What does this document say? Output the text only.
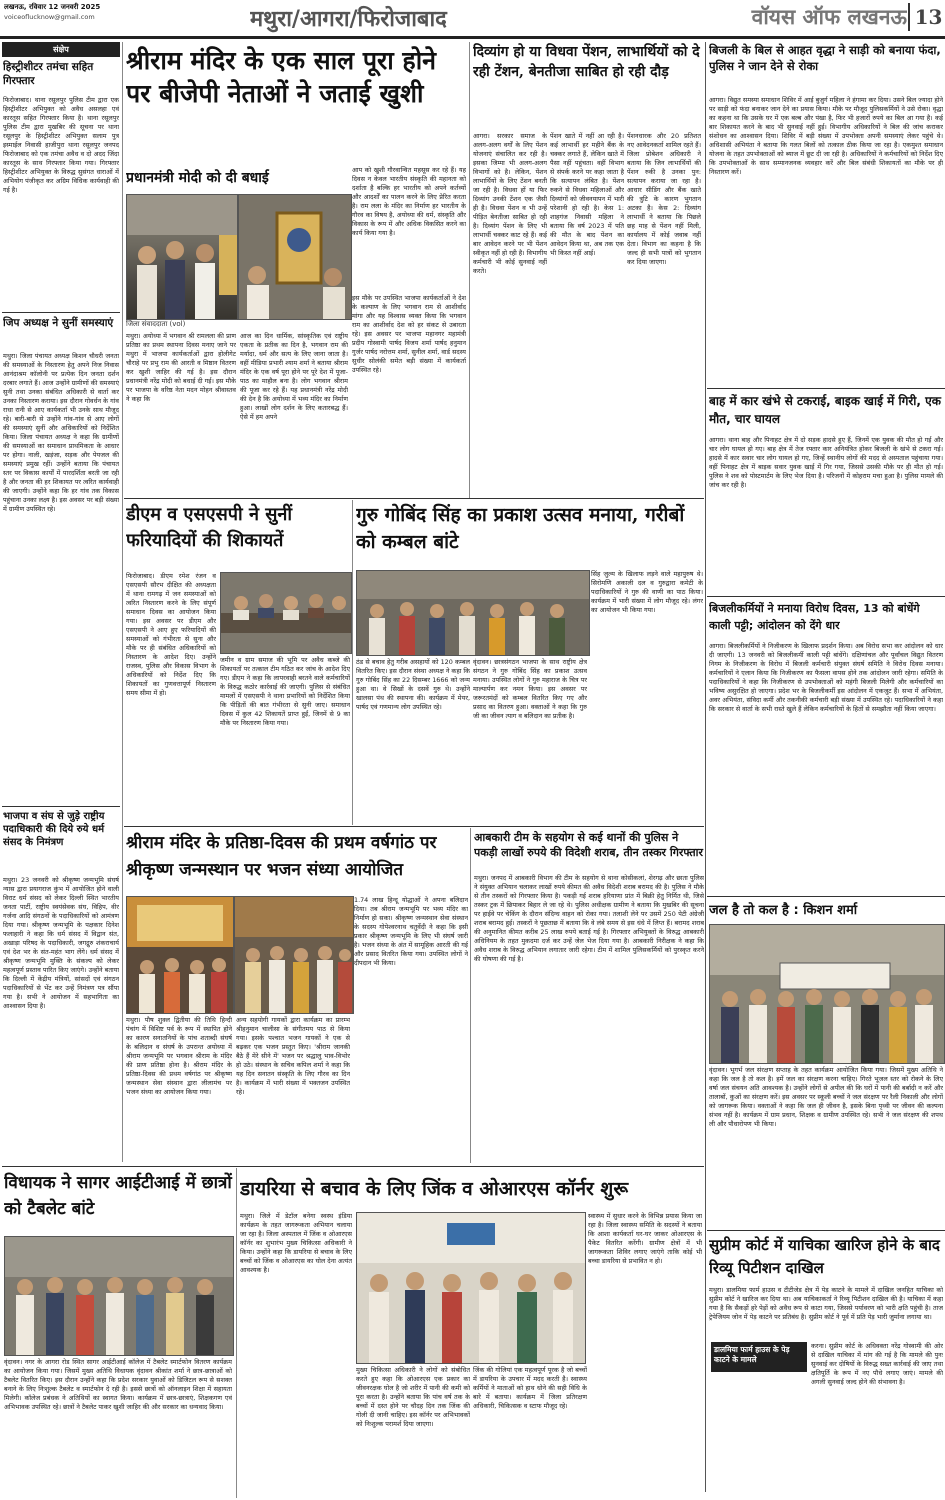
लखनऊ, रविवार 12 जनवरी 2025
voiceoflucknow@gmail.com	मथुरा/आगरा/फिरोजाबाद	वॉयस ऑफ लखनऊ 13
संक्षेप
हिस्ट्रीशीटर तमंचा सहित गिरफ्तार
फिरोजाबाद। थाना रसूलपुर पुलिस टीम द्वारा एक हिस्ट्रीशीटर अभियुक्त को अवैध असलहा एवं कारतूस सहित गिरफ्तार किया है। थाना रसूलपुर पुलिस टीम द्वारा मुखबिर की सूचना पर थाना रसूलपुर के हिस्ट्रीशीटर अभियुक्त सलाम पुत्र इस्माईल निवासी हाजीपुरा थाना रसूलपुर जनपद फिरोजाबाद को एक तमंचा अवैध व दो अदद जिंदा कारतूस के साथ गिरफ्तार किया गया। गिरफ्तार हिस्ट्रीशीटर अभियुक्त के विरुद्ध सुसंगत धाराओं में अभियोग पंजीकृत कर अग्रिम विधिक कार्यवाही की गई है।
जिप अध्यक्ष ने सुनीं समस्याएं
मथुरा। जिला पंचायत अध्यक्ष किशन चौधरी जनता की समस्याओं के निस्तारण हेतु अपने निज निवास आनंदाश्रम कॉलोनी पर प्रत्येक दिन जनता दर्शन दरबार लगाते हैं। आज उन्होंने ग्रामीणों की समस्याएं सुनी तथा उनका संबंधित अधिकारी से वार्ता कर उनका निस्तारण कराया। इस दौरान गोवर्धन के गांव राधा रानी से आए कार्यकर्ता भी उनके साथ मौजूद रहे। बारी-बारी से उन्होंने गांव-गांव से आए लोगों की समस्याएं सुनीं और अधिकारियों को निर्देशित किया। जिला पंचायत अध्यक्ष ने कहा कि ग्रामीणों की समस्याओं का समाधान प्राथमिकता के आधार पर होगा। नाली, खड़ंजा, सड़क और पेयजल की समस्याएं प्रमुख रहीं। उन्होंने बताया कि पंचायत स्तर पर विकास कार्यों में पारदर्शिता बरती जा रही है और जनता की हर शिकायत पर त्वरित कार्यवाही की जाएगी। उन्होंने कहा कि हर गांव तक विकास पहुंचाना उनका लक्ष्य है। इस अवसर पर बड़ी संख्या में ग्रामीण उपस्थित रहे।
भाजपा व संघ से जुड़े राष्ट्रीय पदाधिकारी की दिये रुये धर्म संसद के निमंत्रण
मथुरा। 23 जनवरी को श्रीकृष्ण जन्मभूमि संघर्ष न्यास द्वारा प्रयागराज कुंभ में आयोजित होने वाली विराट धर्म संसद को लेकर दिल्ली स्थित भारतीय जनता पार्टी, राष्ट्रीय स्वयंसेवक संघ, विहिप, वीर गर्जना आदि संगठनों के पदाधिकारियों को आमंत्रण दिया गया। श्रीकृष्ण जन्मभूमि के पक्षकार दिनेश फलाहारी ने कहा कि धर्म संसद में विद्वान संत, अखाड़ा परिषद के पदाधिकारी, जगद्गुरु शंकराचार्य एवं देश भर के संत-महंत भाग लेंगे। धर्म संसद में श्रीकृष्ण जन्मभूमि मुक्ति के संकल्प को लेकर महत्वपूर्ण प्रस्ताव पारित किए जाएंगे। उन्होंने बताया कि दिल्ली में केंद्रीय मंत्रियों, सांसदों एवं संगठन पदाधिकारियों से भेंट कर उन्हें निमंत्रण पत्र सौंपा गया है। सभी ने आयोजन में सहभागिता का आश्वासन दिया है।
श्रीराम मंदिर के एक साल पूरा होने पर बीजेपी नेताओं ने जताई खुशी
प्रधानमंत्री मोदी को दी बधाई
जिला संवाददाता (vol)
मथुरा। अयोध्या में भगवान श्री रामलला की प्राण प्रतिष्ठा का प्रथम स्थापना दिवस मनाए जाने पर मथुरा में भाजपा कार्यकर्ताओं द्वारा होलीगेट चौराहे पर प्रभु राम की आरती व मिष्ठान वितरण कर खुशी जाहिर की गई है। इस दौरान प्रधानमंत्री नरेंद्र मोदी को बधाई दी गई। इस मौके पर भाजपा के वरिष्ठ नेता मदन मोहन श्रीवास्तव ने कहा कि
आज का दिन धार्मिक, सांस्कृतिक एवं राष्ट्रीय एकता के प्रतीक का दिन है, भगवान राम की मर्यादा, धर्म और सत्य के लिए जाना जाता है। वहीं मीडिया प्रभारी श्याम शर्मा ने बताया श्रीराम मंदिर के एक वर्ष पूरा होने पर पूरे देश में पूजा-पाठ का माहौल बना है। लोग भगवान श्रीराम की पूजा कर रहे हैं। यह प्रधानमंत्री नरेंद्र मोदी की देन है कि अयोध्या में भव्य मंदिर का निर्माण हुआ। लाखों लोग दर्शन के लिए कतारबद्ध हैं। ऐसे में हम अपने
आप को खुशी गौरवान्वित महसूस कर रहे हैं। यह दिवस न केवल भारतीय संस्कृति की महानता को दर्शाता है बल्कि हर भारतीय को अपने कर्तव्यों और आदर्शों का पालन करने के लिए प्रेरित करता है। राम लला के मंदिर का निर्माण हर भारतीय के गौरव का विषय है, अयोध्या की धर्म, संस्कृति और विकास के रूप में और अधिक विकसित करने का कार्य किया गया है।
इस मौके पर उपस्थित भाजपा कार्यकर्ताओं ने देश के कल्याण के लिए भगवान राम से आशीर्वाद मांगा और यह विश्वास व्यक्त किया कि भगवान राम का आशीर्वाद देश को हर संकट से उबारता रहे। इस अवसर पर भाजपा महानगर महामंत्री प्रदीप गोस्वामी पार्षद विजय शर्मा पार्षद हनुमान गुर्जर पार्षद नरोत्तम शर्मा, सुनील शर्मा, वार्ड सदस्य सुधीर सोलंकी समेत बड़ी संख्या में कार्यकर्ता उपस्थित रहे।
दिव्यांग हो या विधवा पेंशन, लाभार्थियों को दे रही टेंशन, बेनतीजा साबित हो रही दौड़
आगरा। सरकार समाज के अलग-अलग वर्गों के लिए पेंशन योजनाएं संचालित कर रही है। इसका जिम्मा भी अलग-अलग विभागों को है। लेकिन, पेंशन लाभार्थियों के लिए टेंशन बनती जा रही है। विधवा हों या फिर दिव्यांग उनकी टेंशन एक जैसी ही है। विधवा पेंशन व भी उन्हें पीड़ित बेनतीजा साबित हो रही है। दिव्यांग पेंशन के लिए भी लाभार्थी चक्कर काट रहे हैं। कई बार आवेदन करने पर भी पेंशन स्वीकृत नहीं हो रही है। विभागीय कर्मचारी भी कोई सुनवाई नहीं करते।
पेंशन खाते में नहीं आ रही है। कई लाभार्थी हर महीने बैंक के चक्कर लगाते हैं, लेकिन खाते में पैसा नहीं पहुंचता। वहीं विभाग से संपर्क करने पर कहा जाता है कि सत्यापन लंबित है। पेंशन रुकने से विधवा महिलाओं और दिव्यांगों को जीवनयापन में भारी परेशानी हो रही है। केस 1: शाहगंज निवासी महिला ने बताया कि वर्ष 2023 में पति की मौत के बाद पेंशन का आवेदन किया था, अब तक एक भी किस्त नहीं आई।
पेंशनधारक और 20 प्रतिशत नए आवेदनकर्ता शामिल रहते हैं। जिला प्रोबेशन अधिकारी ने बताया कि जिन लाभार्थियों की पेंशन रुकी है उनका पुन: सत्यापन कराया जा रहा है। आधार सीडिंग और बैंक खाते की त्रुटि के कारण भुगतान अटका है। केस 2: दिव्यांग लाभार्थी ने बताया कि पिछले छह माह से पेंशन नहीं मिली, कार्यालय में कोई जवाब नहीं देता। विभाग का कहना है कि जल्द ही सभी पात्रों को भुगतान कर दिया जाएगा।
डीएम व एसएसपी ने सुनीं फरियादियों की शिकायतें
फिरोजाबाद। डीएम रमेश रंजन व एसएसपी सौरभ दीक्षित की अध्यक्षता में थाना रामगढ़ में जन समस्याओं को त्वरित निस्तारण करने के लिए संपूर्ण समाधान दिवस का आयोजन किया गया। इस अवसर पर डीएम और एसएसपी ने आए हुए फरियादियों की समस्याओं को गंभीरता से सुना और मौके पर ही संबंधित अधिकारियों को निस्तारण के आदेश दिए। उन्होंने राजस्व, पुलिस और विकास विभाग के अधिकारियों को निर्देश दिए कि शिकायतों का गुणवत्तापूर्ण निस्तारण समय सीमा में हो।
जमीन व ग्राम समाज की भूमि पर अवैध कब्जे की शिकायतों पर तत्काल टीम गठित कर जांच के आदेश दिए गए। डीएम ने कहा कि लापरवाही बरतने वाले कर्मचारियों के विरुद्ध कठोर कार्रवाई की जाएगी। पुलिस से संबंधित मामलों में एसएसपी ने थाना प्रभारियों को निर्देशित किया कि पीड़ितों की बात गंभीरता से सुनी जाए। समाधान दिवस में कुल 42 शिकायतें प्राप्त हुईं, जिनमें से 9 का मौके पर निस्तारण किया गया।
गुरु गोबिंद सिंह का प्रकाश उत्सव मनाया, गरीबों को कम्बल बांटे
सिंह जुल्म के खिलाफ लड़ने वाले महापुरुष थे। सिरोमणि अकाली दल व गुरुद्वारा कमेटी के पदाधिकारियों ने गुरु की वाणी का पाठ किया। कार्यक्रम में भारी संख्या में लोग मौजूद रहे। लंगर का आयोजन भी किया गया।
ठंड से बचाव हेतु गरीब असहायों को 120 कम्बल वितरित किए। इस दौरान संस्था अध्यक्ष ने कहा कि गुरु गोबिंद सिंह का 22 दिसम्बर 1666 को जन्म हुआ था। वे सिखों के दसवें गुरु थे। उन्होंने खालसा पंथ की स्थापना की। कार्यक्रम में मेयर, पार्षद एवं गणमान्य लोग उपस्थित रहे।
वृंदावन। छात्रसंगठन भाजपा के साथ राष्ट्रीय क्षेत्र संगठन ने गुरु गोबिंद सिंह का प्रकाश उत्सव मनाया। उपस्थित लोगों ने गुरु महाराज के चित्र पर माल्यार्पण कर नमन किया। इस अवसर पर जरूरतमंदों को कम्बल वितरित किए गए और प्रसाद का वितरण हुआ। वक्ताओं ने कहा कि गुरु जी का जीवन त्याग व बलिदान का प्रतीक है।
आबकारी टीम के सहयोग से कई थानों की पुलिस ने पकड़ी लाखों रुपये की विदेशी शराब, तीन तस्कर गिरफ्तार
मथुरा। जनपद में आबकारी विभाग की टीम के सहयोग से थाना कोसीकलां, शेरगढ़ और छाता पुलिस ने संयुक्त अभियान चलाकर लाखों रुपये कीमत की अवैध विदेशी शराब बरामद की है। पुलिस ने मौके से तीन तस्करों को गिरफ्तार किया है। पकड़ी गई शराब हरियाणा प्रांत में बिक्री हेतु निर्मित थी, जिसे तस्कर ट्रक में छिपाकर बिहार ले जा रहे थे। पुलिस अधीक्षक ग्रामीण ने बताया कि मुखबिर की सूचना पर हाईवे पर चेकिंग के दौरान संदिग्ध वाहन को रोका गया। तलाशी लेने पर उसमें 250 पेटी अंग्रेजी शराब बरामद हुई। तस्करों ने पूछताछ में बताया कि वे लंबे समय से इस धंधे में लिप्त हैं। बरामद शराब की अनुमानित कीमत करीब 25 लाख रुपये बताई गई है। गिरफ्तार अभियुक्तों के विरुद्ध आबकारी अधिनियम के तहत मुकदमा दर्ज कर उन्हें जेल भेज दिया गया है। आबकारी निरीक्षक ने कहा कि अवैध शराब के विरुद्ध अभियान लगातार जारी रहेगा। टीम में शामिल पुलिसकर्मियों को पुरस्कृत करने की घोषणा की गई है।
श्रीराम मंदिर के प्रतिष्ठा-दिवस की प्रथम वर्षगांठ पर श्रीकृष्ण जन्मस्थान पर भजन संध्या आयोजित
1.74 लाख हिन्दू योद्धाओं ने अपना बलिदान दिया। तब श्रीराम जन्मभूमि पर भव्य मंदिर का निर्माण हो सका। श्रीकृष्ण जन्मस्थान सेवा संस्थान के सदस्य गोपेश्वरनाथ चतुर्वेदी ने कहा कि इसी प्रकार श्रीकृष्ण जन्मभूमि के लिए भी संघर्ष जारी है। भजन संध्या के अंत में सामूहिक आरती की गई और प्रसाद वितरित किया गया। उपस्थित लोगों ने दीपदान भी किया।
मथुरा। पौष शुक्ल द्वितीया की तिथि हिन्दी पंचांग में विशिष्ट पर्व के रूप में स्थापित होने का कारण सनातनियों के पांच शताब्दी संघर्ष के बलिदान व संघर्ष के उपरान्त अयोध्या में श्रीराम जन्मभूमि पर भगवान श्रीराम के मंदिर की प्राण प्रतिष्ठा होना है। श्रीराम मंदिर के प्रतिष्ठा-दिवस की प्रथम वर्षगांठ पर श्रीकृष्ण जन्मस्थान सेवा संस्थान द्वारा लीलामंच पर भजन संध्या का आयोजन किया गया।
अन्य सहयोगी गायकों द्वारा कार्यक्रम का प्रारम्भ श्रीहनुमान चालीसा के संगीतमय पाठ से किया गया। इसके पश्चात भजन गायकों ने एक से बढ़कर एक भजन प्रस्तुत किए। 'श्रीराम जानकी बैठे हैं मेरे सीने में' भजन पर श्रद्धालु भाव-विभोर हो उठे। संस्थान के सचिव कपिल शर्मा ने कहा कि यह दिन सनातन संस्कृति के लिए गौरव का दिन है। कार्यक्रम में भारी संख्या में भक्तजन उपस्थित रहे।
विधायक ने सागर आईटीआई में छात्रों को टैबलेट बांटे
वृंदावन। नगर के आगरा रोड स्थित सागर आईटीआई कॉलेज में टैबलेट स्मार्टफोन वितरण कार्यक्रम का आयोजन किया गया। जिसमें मुख्य अतिथि विधायक वृंदावन श्रीकांत शर्मा ने छात्र-छात्राओं को टैबलेट वितरित किए। इस दौरान उन्होंने कहा कि प्रदेश सरकार युवाओं को डिजिटल रूप से सशक्त बनाने के लिए निःशुल्क टैबलेट व स्मार्टफोन दे रही है। इससे छात्रों को ऑनलाइन शिक्षा में सहायता मिलेगी। कॉलेज प्रबंधक ने अतिथियों का स्वागत किया। कार्यक्रम में छात्र-छात्राएं, शिक्षकगण एवं अभिभावक उपस्थित रहे। छात्रों ने टैबलेट पाकर खुशी जाहिर की और सरकार का धन्यवाद किया।
डायरिया से बचाव के लिए जिंक व ओआरएस कॉर्नर शुरू
मथुरा। जिले में डेटॉल बनेगा स्वस्थ इंडिया कार्यक्रम के तहत जागरूकता अभियान चलाया जा रहा है। जिला अस्पताल में जिंक व ओआरएस कॉर्नर का शुभारंभ मुख्य चिकित्सा अधिकारी ने किया। उन्होंने कहा कि डायरिया से बचाव के लिए बच्चों को जिंक व ओआरएस का घोल देना अत्यंत आवश्यक है।
स्वास्थ्य में सुधार करने के विभिन्न प्रयास किया जा रहा है। जिला स्वास्थ्य समिति के सदस्यों ने बताया कि आशा कार्यकर्ता घर-घर जाकर ओआरएस के पैकेट वितरित करेंगी। ग्रामीण क्षेत्रों में भी जागरूकता शिविर लगाए जाएंगे ताकि कोई भी बच्चा डायरिया से प्रभावित न हो।
मुख्य चिकित्सा अधिकारी ने लोगों को संबोधित करते हुए कहा कि ओआरएस एक प्रकार का जीवनरक्षक घोल है जो शरीर में पानी की कमी को पूरा करता है। उन्होंने बताया कि पांच वर्ष तक के बच्चों में दस्त होने पर चौदह दिन तक जिंक की गोली दी जानी चाहिए। इस कॉर्नर पर अभिभावकों को निःशुल्क परामर्श दिया जाएगा।
जिंक की गोलियां एक महत्वपूर्ण पूरक है जो बच्चों में डायरिया के उपचार में मदद करती है। स्वास्थ्य कर्मियों ने माताओं को हाथ धोने की सही विधि के बारे में बताया। कार्यक्रम में जिला प्रतिरक्षण अधिकारी, चिकित्सक व स्टाफ मौजूद रहे।
बिजली के बिल से आहत वृद्धा ने साड़ी को बनाया फंदा, पुलिस ने जान देने से रोका
आगरा। विद्युत समस्या समाधान शिविर में आई बुजुर्ग महिला ने हंगामा कर दिया। उसने बिल ज्यादा होने पर साड़ी को फंदा बनाकर जान देने का प्रयास किया। मौके पर मौजूद पुलिसकर्मियों ने उसे रोका। वृद्धा का कहना था कि उसके घर में एक बल्ब और पंखा है, फिर भी हजारों रुपये का बिल आ गया है। कई बार शिकायत करने के बाद भी सुनवाई नहीं हुई। विभागीय अधिकारियों ने बिल की जांच कराकर संशोधन का आश्वासन दिया। शिविर में बड़ी संख्या में उपभोक्ता अपनी समस्याएं लेकर पहुंचे थे। अधिशासी अभियंता ने बताया कि गलत बिलों को तत्काल ठीक किया जा रहा है। एकमुश्त समाधान योजना के तहत उपभोक्ताओं को ब्याज में छूट दी जा रही है। अधिकारियों ने कर्मचारियों को निर्देश दिए कि उपभोक्ताओं के साथ सम्मानजनक व्यवहार करें और बिल संबंधी शिकायतों का मौके पर ही निस्तारण करें।
बाह में कार खंभे से टकराई, बाइक खाई में गिरी, एक मौत, चार घायल
आगरा। थाना बाह और पिनाहट क्षेत्र में दो सड़क हादसे हुए हैं, जिनमें एक युवक की मौत हो गई और चार लोग घायल हो गए। बाह क्षेत्र में तेज रफ्तार कार अनियंत्रित होकर बिजली के खंभे से टकरा गई। हादसे में कार सवार चार लोग घायल हो गए, जिन्हें स्थानीय लोगों की मदद से अस्पताल पहुंचाया गया। वहीं पिनाहट क्षेत्र में बाइक सवार युवक खाई में गिर गया, जिससे उसकी मौके पर ही मौत हो गई। पुलिस ने शव को पोस्टमार्टम के लिए भेज दिया है। परिजनों में कोहराम मचा हुआ है। पुलिस मामले की जांच कर रही है।
बिजलीकर्मियों ने मनाया विरोध दिवस, 13 को बांधेंगे काली पट्टी; आंदोलन को देंगे धार
आगरा। बिजलीकर्मियों ने निजीकरण के खिलाफ प्रदर्शन किया। अब विरोध सभा कर आंदोलन को धार दी जाएगी। 13 जनवरी को बिजलीकर्मी काली पट्टी बांधेंगे। दक्षिणांचल और पूर्वांचल विद्युत वितरण निगम के निजीकरण के विरोध में बिजली कर्मचारी संयुक्त संघर्ष समिति ने विरोध दिवस मनाया। कर्मचारियों ने एलान किया कि निजीकरण का फैसला वापस होने तक आंदोलन जारी रहेगा। समिति के पदाधिकारियों ने कहा कि निजीकरण से उपभोक्ताओं को महंगी बिजली मिलेगी और कर्मचारियों का भविष्य असुरक्षित हो जाएगा। प्रदेश भर के बिजलीकर्मी इस आंदोलन में एकजुट हैं। सभा में अभियंता, अवर अभियंता, संविदा कर्मी और तकनीकी कर्मचारी बड़ी संख्या में उपस्थित रहे। पदाधिकारियों ने कहा कि सरकार से वार्ता के सभी रास्ते खुले हैं लेकिन कर्मचारियों के हितों से समझौता नहीं किया जाएगा।
जल है तो कल है : किशन शर्मा
वृंदावन। भूगर्भ जल संरक्षण सप्ताह के तहत कार्यक्रम आयोजित किया गया। जिसमें मुख्य अतिथि ने कहा कि जल है तो कल है। हमें जल का संरक्षण करना चाहिए। गिरते भूजल स्तर को रोकने के लिए वर्षा जल संचयन अति आवश्यक है। उन्होंने लोगों से अपील की कि घरों में पानी की बर्बादी न करें और तालाबों, कुओं का संरक्षण करें। इस अवसर पर स्कूली बच्चों ने जल संरक्षण पर रैली निकाली और लोगों को जागरूक किया। वक्ताओं ने कहा कि जल ही जीवन है, इसके बिना पृथ्वी पर जीवन की कल्पना संभव नहीं है। कार्यक्रम में ग्राम प्रधान, शिक्षक व ग्रामीण उपस्थित रहे। सभी ने जल संरक्षण की शपथ ली और पौधारोपण भी किया।
सुप्रीम कोर्ट में याचिका खारिज होने के बाद रिव्यू पिटीशन दाखिल
मथुरा। डालमिया फार्म हाउस व टीटीजेड क्षेत्र में पेड़ काटने के मामले में दाखिल जनहित याचिका को सुप्रीम कोर्ट ने खारिज कर दिया था। अब याचिकाकर्ता ने रिव्यू पिटीशन दाखिल की है। याचिका में कहा गया है कि सैकड़ों हरे पेड़ों को अवैध रूप से काटा गया, जिससे पर्यावरण को भारी क्षति पहुंची है। ताज ट्रेपेजियम जोन में पेड़ काटने पर प्रतिबंध है। सुप्रीम कोर्ट ने पूर्व में प्रति पेड़ भारी जुर्माना लगाया था।
डालमिया फार्म हाउस के पेड़ काटने के मामले
करना। सुप्रीम कोर्ट के अधिवक्ता नरेंद्र गोस्वामी की ओर से दाखिल याचिका में मांग की गई है कि मामले की पुनः सुनवाई कर दोषियों के विरुद्ध सख्त कार्रवाई की जाए तथा क्षतिपूर्ति के रूप में नए पौधे लगाए जाएं। मामले की अगली सुनवाई जल्द होने की संभावना है।
